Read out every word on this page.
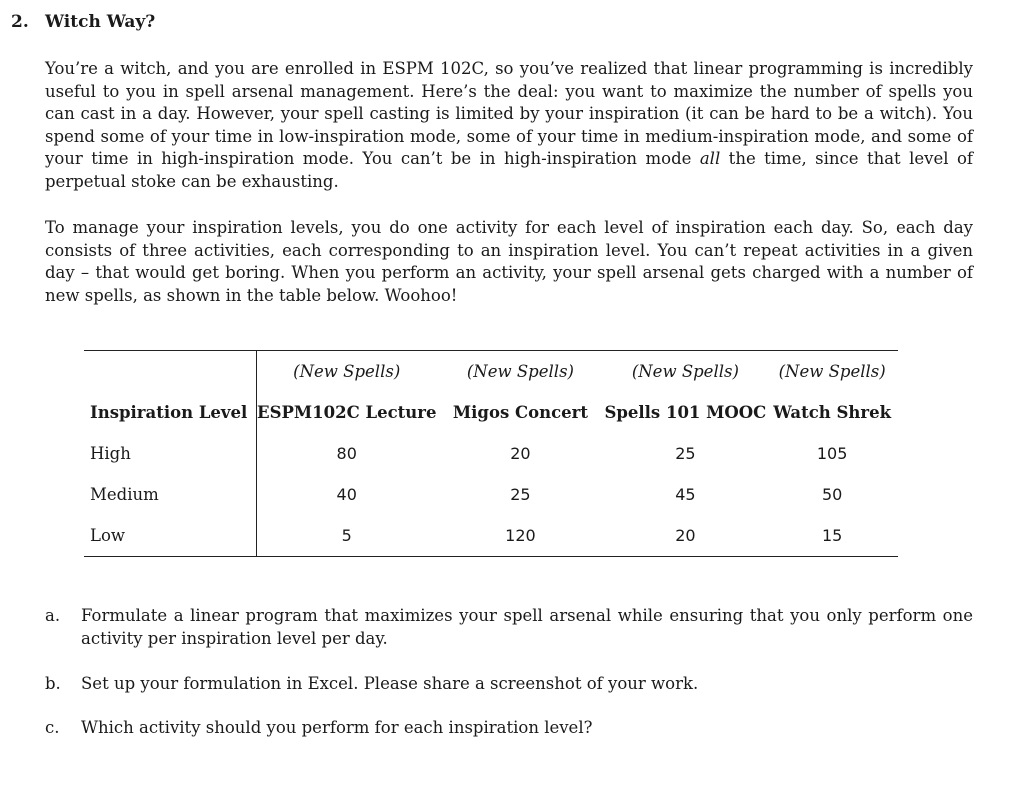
2. Witch Way?

You’re a witch, and you are enrolled in ESPM 102C, so you’ve realized that linear programming is incredibly useful to you in spell arsenal management. Here’s the deal: you want to maximize the number of spells you can cast in a day. However, your spell casting is limited by your inspiration (it can be hard to be a witch). You spend some of your time in low-inspiration mode, some of your time in medium-inspiration mode, and some of your time in high-inspiration mode. You can’t be in high-inspiration mode all the time, since that level of perpetual stoke can be exhausting.

To manage your inspiration levels, you do one activity for each level of inspiration each day. So, each day consists of three activities, each corresponding to an inspiration level. You can’t repeat activities in a given day – that would get boring. When you perform an activity, your spell arsenal gets charged with a number of new spells, as shown in the table below. Woohoo!

	(New Spells)	(New Spells)	(New Spells)	(New Spells)
Inspiration Level	ESPM102C Lecture	Migos Concert	Spells 101 MOOC	Watch Shrek
High	80	20	25	105
Medium	40	25	45	50
Low	5	120	20	15
a. Formulate a linear program that maximizes your spell arsenal while ensuring that you only perform one activity per inspiration level per day.
b. Set up your formulation in Excel. Please share a screenshot of your work.
c. Which activity should you perform for each inspiration level?
